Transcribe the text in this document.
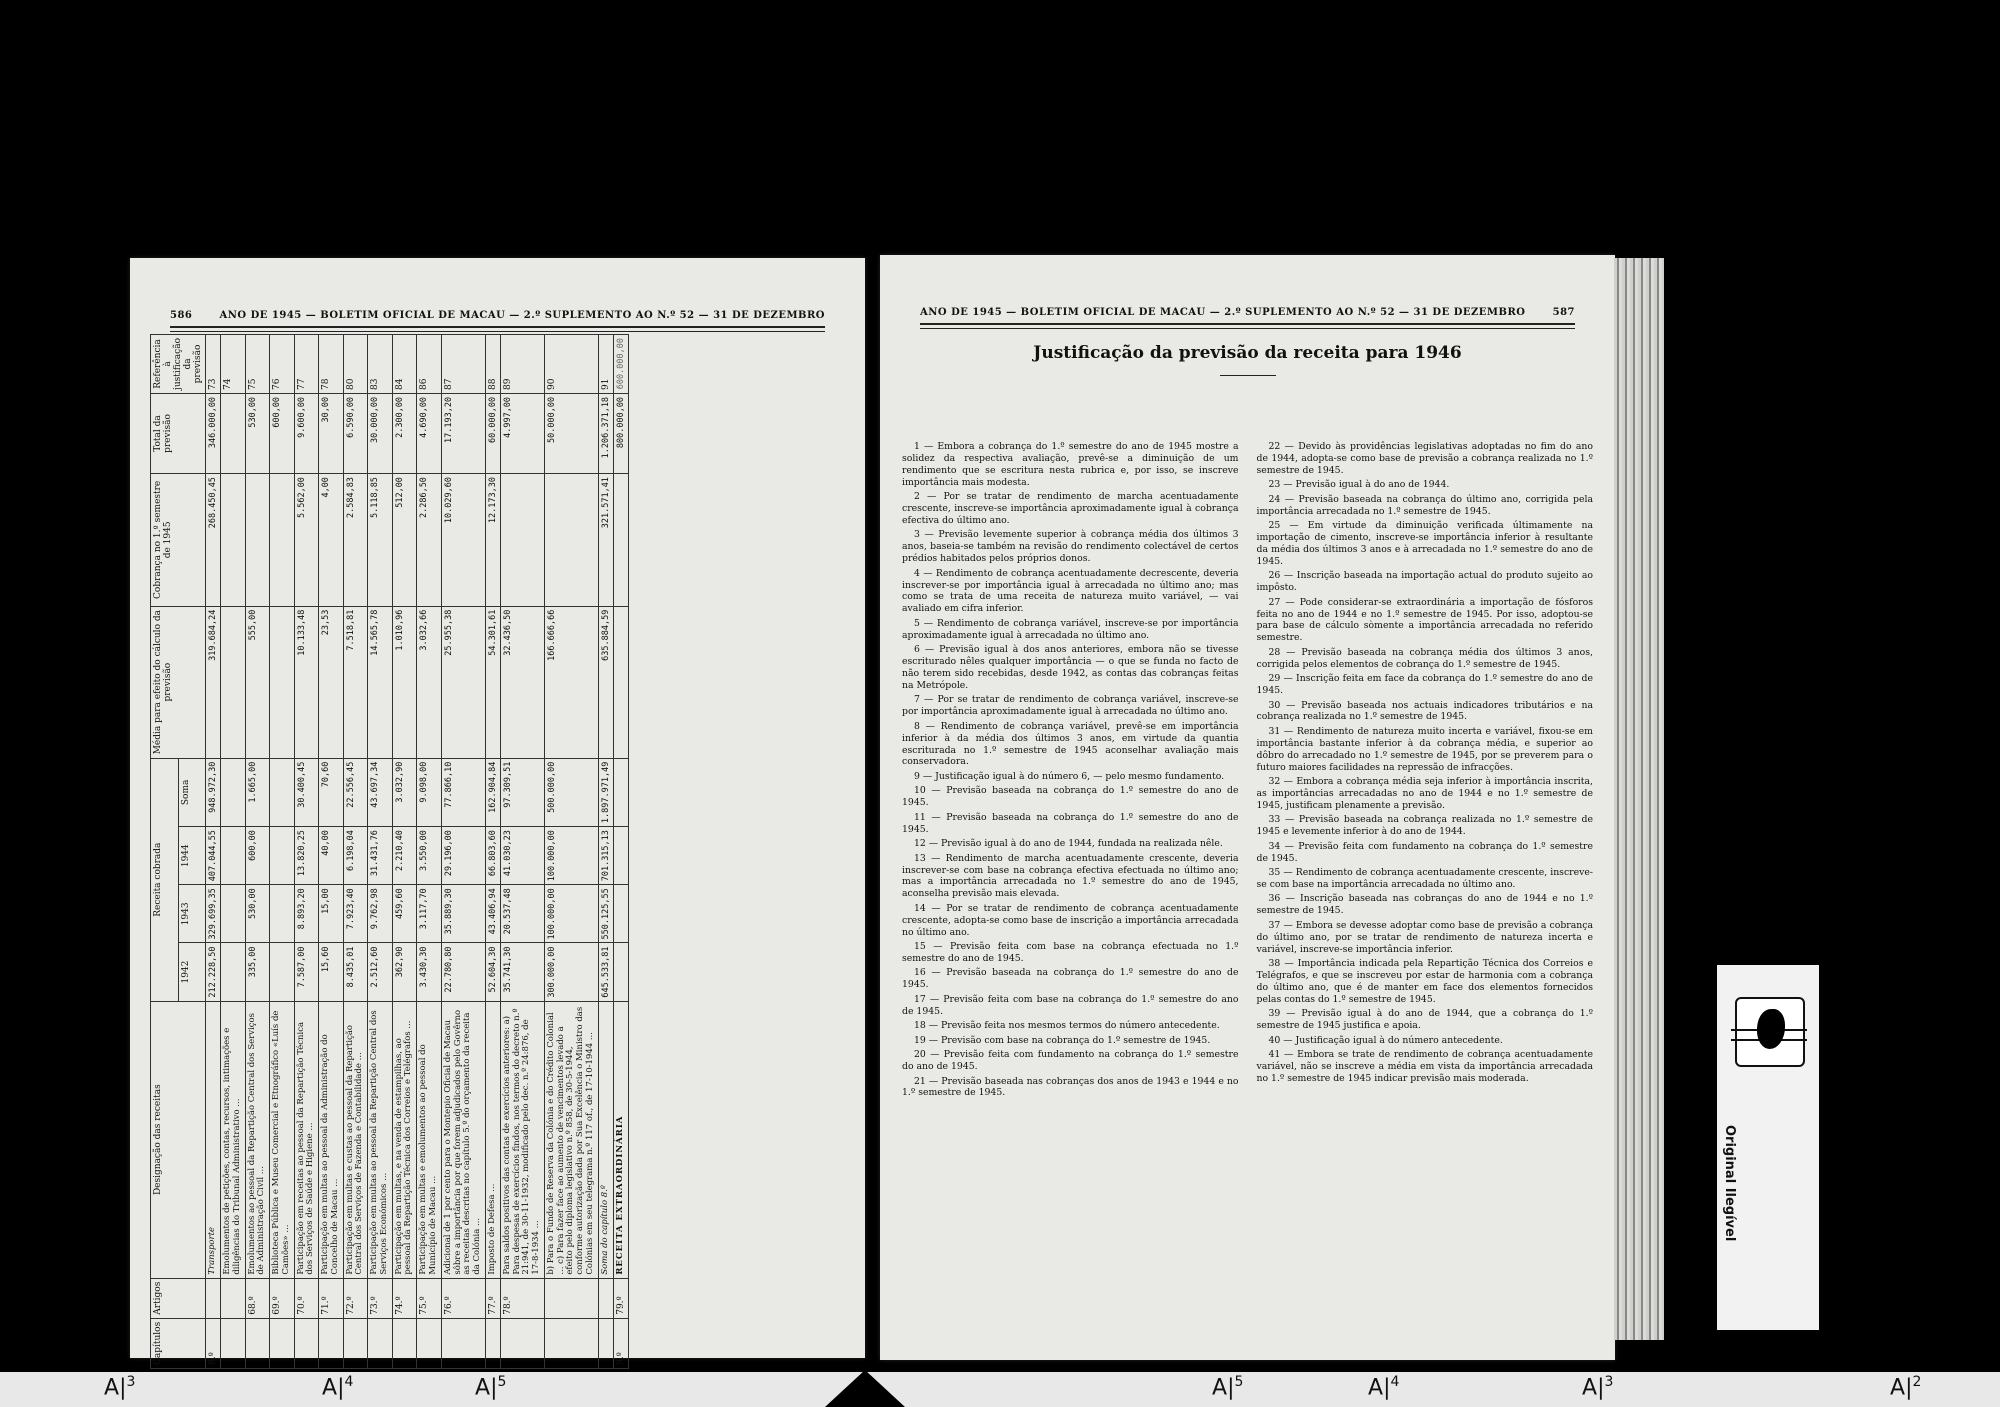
586	ANO DE 1945 — BOLETIM OFICIAL DE MACAU — 2.º SUPLEMENTO AO N.º 52 — 31 DE DEZEMBRO
Capítulos	Artigos	Designação das receitas	Receita cobrada				Média para efeito do cálculo da previsão	Cobrança no 1.º semestre de 1945	Total da previsão	Referência à justificação da previsão
			1942	1943	1944	Soma				
8.º		Transporte	212.228,50	329.699,35	407.044,55	948.972,30	319.684,24	268.450,45	346.000,00	73
		Emolumentos de petições, contas, recursos, intimações e diligências do Tribunal Administrativo ...								74
	68.º	Emolumentos ao pessoal da Repartição Central dos Serviços de Administração Civil ...	335,00	530,00	600,00	1.665,00	555,00		530,00	75
	69.º	Biblioteca Pública e Museu Comercial e Etnográfico «Luís de Camões» ...							600,00	76
	70.º	Participação em receitas ao pessoal da Repartição Técnica dos Serviços de Saúde e Higiene ...	7.587,00	8.893,20	13.820,25	30.400,45	10.133,48	5.562,00	9.600,00	77
	71.º	Participação em multas ao pessoal da Administração do Concelho de Macau ...	15,60	15,00	40,00	70,60	23,53	4,00	30,00	78
	72.º	Participação em multas e custas ao pessoal da Repartição Central dos Serviços de Fazenda e Contabilidade ...	8.435,01	7.923,40	6.198,04	22.556,45	7.518,81	2.584,83	6.590,00	80
	73.º	Participação em multas ao pessoal da Repartição Central dos Serviços Económicos ...	2.512,60	9.762,98	31.431,76	43.697,34	14.565,78	5.118,85	30.000,00	83
	74.º	Participação em multas, e na venda de estampilhas, ao pessoal da Repartição Técnica dos Correios e Telégrafos ...	362,90	459,60	2.210,40	3.032,90	1.010,96	512,00	2.300,00	84
	75.º	Participação em multas e emolumentos ao pessoal do Município de Macau ...	3.430,30	3.117,70	3.550,00	9.098,00	3.032,66	2.286,50	4.690,00	86
	76.º	Adicional de 1 por cento para o Montepio Oficial de Macau sôbre a importância por que forem adjudicados pelo Govêrno as receitas descritas no capítulo 5.º do orçamento da receita da Colónia ...	22.780,80	35.889,30	29.196,00	77.866,10	25.955,38	10.029,60	17.193,20	87
	77.º	Imposto de Defesa ...	52.604,30	43.406,94	66.803,60	162.904,84	54.301,61	12.173,30	60.000,00	88
	78.º	Para saldos positivos das contas de exercícios anteriores: a) Para despesas de exercícios findos, nos termos do decreto n.º 21:941, de 30-11-1932, modificado pelo dec. n.º 24:876, de 17-8-1934 ...	35.741,30	20.537,48	41.030,23	97.309,51	32.436,50		4.997,00	89
		b) Para o Fundo de Reserva da Colónia e do Crédito Colonial ... c) Para fazer face ao aumento de vencimentos levado a efeito pelo diploma legislativo n.º 858, de 30-5-1944, conforme autorização dada por Sua Excelência o Ministro das Colónias em seu telegrama n.º 117 of., de 17-10-1944 ...	300.000,00	100.000,00	100.000,00	500.000,00	166.666,66		50.000,00	90
		Soma do capítulo 8.º	645.533,81	550.125,55	701.315,13	1.897.971,49	635.884,59	321.571,41	1.206.371,18	91
9.º	79.º	RECEITA EXTRAORDINÁRIA							800.000,00	600.000,00
ANO DE 1945 — BOLETIM OFICIAL DE MACAU — 2.º SUPLEMENTO AO N.º 52 — 31 DE DEZEMBRO	587
Justificação da previsão da receita para 1946

1 — Embora a cobrança do 1.º semestre do ano de 1945 mostre a solidez da respectiva avaliação, prevê-se a diminuição de um rendimento que se escritura nesta rubrica e, por isso, se inscreve importância mais modesta.

2 — Por se tratar de rendimento de marcha acentuadamente crescente, inscreve-se importância aproximadamente igual à cobrança efectiva do último ano.

3 — Previsão levemente superior à cobrança média dos últimos 3 anos, baseia-se também na revisão do rendimento colectável de certos prédios habitados pelos próprios donos.

4 — Rendimento de cobrança acentuadamente decrescente, deveria inscrever-se por importância igual à arrecadada no último ano; mas como se trata de uma receita de natureza muito variável, — vai avaliado em cifra inferior.

5 — Rendimento de cobrança variável, inscreve-se por importância aproximadamente igual à arrecadada no último ano.

6 — Previsão igual à dos anos anteriores, embora não se tivesse escriturado nêles qualquer importância — o que se funda no facto de não terem sido recebidas, desde 1942, as contas das cobranças feitas na Metrópole.

7 — Por se tratar de rendimento de cobrança variável, inscreve-se por importância aproximadamente igual à arrecadada no último ano.

8 — Rendimento de cobrança variável, prevê-se em importância inferior à da média dos últimos 3 anos, em virtude da quantia escriturada no 1.º semestre de 1945 aconselhar avaliação mais conservadora.

9 — Justificação igual à do número 6, — pelo mesmo fundamento.

10 — Previsão baseada na cobrança do 1.º semestre do ano de 1945.

11 — Previsão baseada na cobrança do 1.º semestre do ano de 1945.

12 — Previsão igual à do ano de 1944, fundada na realizada nêle.

13 — Rendimento de marcha acentuadamente crescente, deveria inscrever-se com base na cobrança efectiva efectuada no último ano; mas a importância arrecadada no 1.º semestre do ano de 1945, aconselha previsão mais elevada.

14 — Por se tratar de rendimento de cobrança acentuadamente crescente, adopta-se como base de inscrição a importância arrecadada no último ano.

15 — Previsão feita com base na cobrança efectuada no 1.º semestre do ano de 1945.

16 — Previsão baseada na cobrança do 1.º semestre do ano de 1945.

17 — Previsão feita com base na cobrança do 1.º semestre do ano de 1945.

18 — Previsão feita nos mesmos termos do número antecedente.

19 — Previsão com base na cobrança do 1.º semestre de 1945.

20 — Previsão feita com fundamento na cobrança do 1.º semestre do ano de 1945.

21 — Previsão baseada nas cobranças dos anos de 1943 e 1944 e no 1.º semestre de 1945.

22 — Devido às providências legislativas adoptadas no fim do ano de 1944, adopta-se como base de previsão a cobrança realizada no 1.º semestre de 1945.

23 — Previsão igual à do ano de 1944.

24 — Previsão baseada na cobrança do último ano, corrigida pela importância arrecadada no 1.º semestre de 1945.

25 — Em virtude da diminuição verificada últimamente na importação de cimento, inscreve-se importância inferior à resultante da média dos últimos 3 anos e à arrecadada no 1.º semestre do ano de 1945.

26 — Inscrição baseada na importação actual do produto sujeito ao impôsto.

27 — Pode considerar-se extraordinária a importação de fósforos feita no ano de 1944 e no 1.º semestre de 1945. Por isso, adoptou-se para base de cálculo sòmente a importância arrecadada no referido semestre.

28 — Previsão baseada na cobrança média dos últimos 3 anos, corrigida pelos elementos de cobrança do 1.º semestre de 1945.

29 — Inscrição feita em face da cobrança do 1.º semestre do ano de 1945.

30 — Previsão baseada nos actuais indicadores tributários e na cobrança realizada no 1.º semestre de 1945.

31 — Rendimento de natureza muito incerta e variável, fixou-se em importância bastante inferior à da cobrança média, e superior ao dôbro do arrecadado no 1.º semestre de 1945, por se preverem para o futuro maiores facilidades na repressão de infracções.

32 — Embora a cobrança média seja inferior à importância inscrita, as importâncias arrecadadas no ano de 1944 e no 1.º semestre de 1945, justificam plenamente a previsão.

33 — Previsão baseada na cobrança realizada no 1.º semestre de 1945 e levemente inferior à do ano de 1944.

34 — Previsão feita com fundamento na cobrança do 1.º semestre de 1945.

35 — Rendimento de cobrança acentuadamente crescente, inscreve-se com base na importância arrecadada no último ano.

36 — Inscrição baseada nas cobranças do ano de 1944 e no 1.º semestre de 1945.

37 — Embora se devesse adoptar como base de previsão a cobrança do último ano, por se tratar de rendimento de natureza incerta e variável, inscreve-se importância inferior.

38 — Importância indicada pela Repartição Técnica dos Correios e Telégrafos, e que se inscreveu por estar de harmonia com a cobrança do último ano, que é de manter em face dos elementos fornecidos pelas contas do 1.º semestre de 1945.

39 — Previsão igual à do ano de 1944, que a cobrança do 1.º semestre de 1945 justifica e apoia.

40 — Justificação igual à do número antecedente.

41 — Embora se trate de rendimento de cobrança acentuadamente variável, não se inscreve a média em vista da importância arrecadada no 1.º semestre de 1945 indicar previsão mais moderada.

Original Ilegível
$A|^3$	$A|^4$	$A|^5$	$A|^5$	$A|^4$	$A|^3$	$A|^2$
